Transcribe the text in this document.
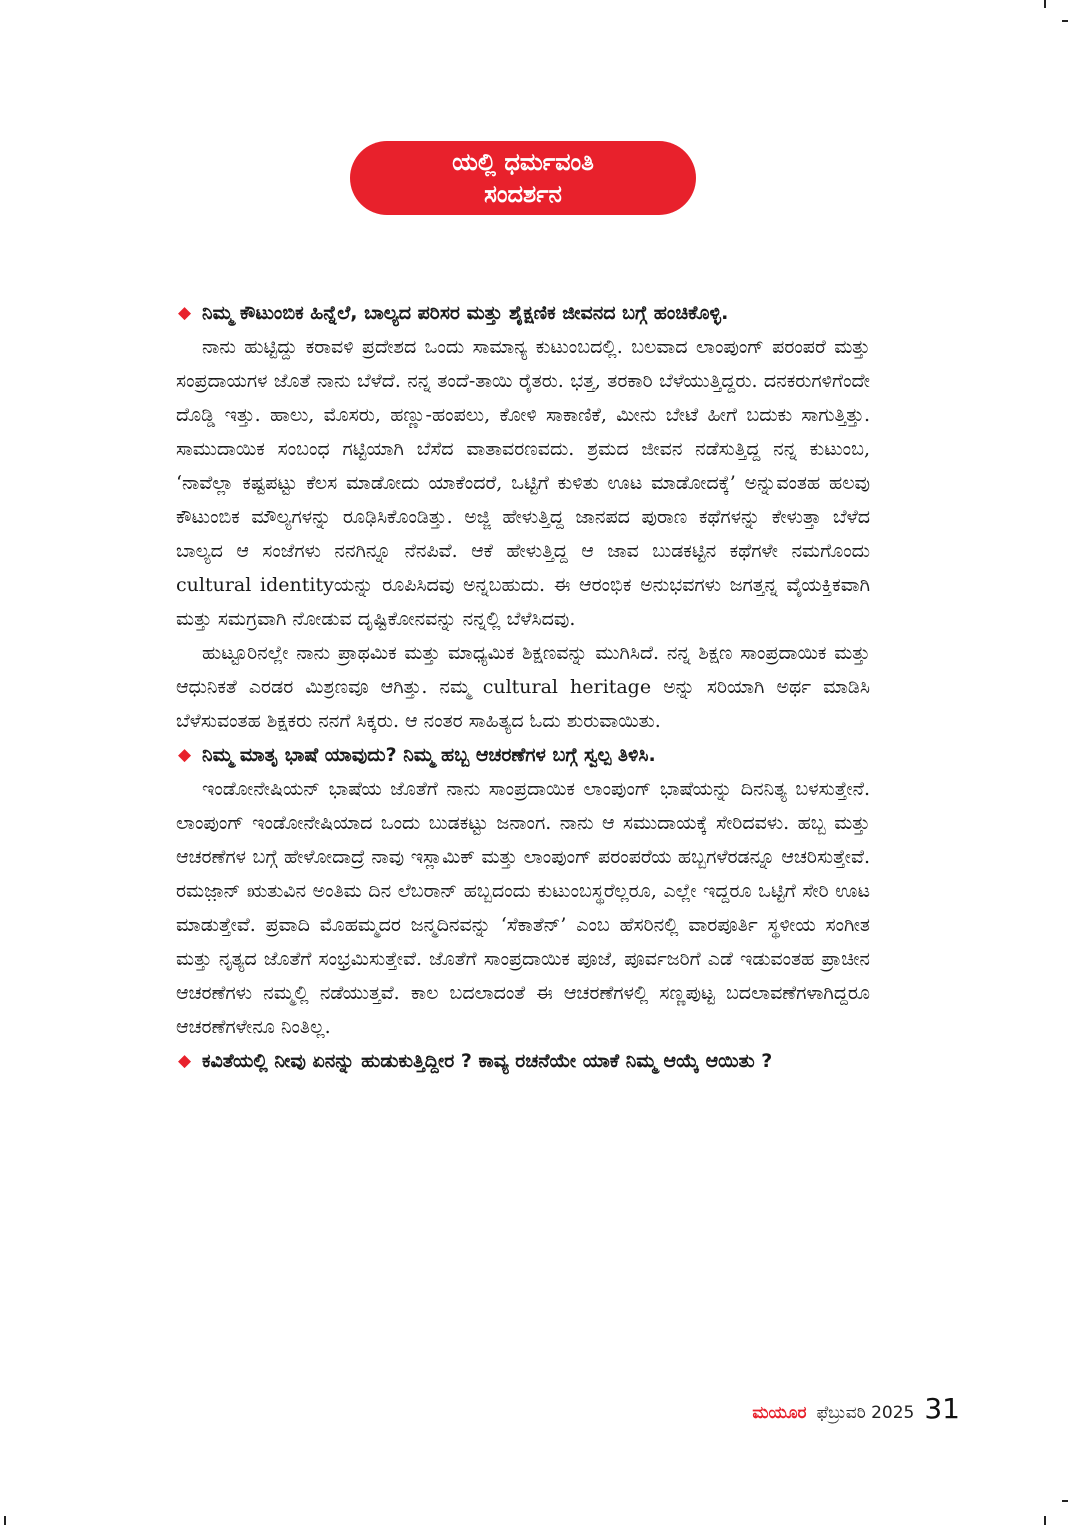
ಯಲ್ಲಿ ಧರ್ಮವಂತಿ
ಸಂದರ್ಶನ
◆ ನಿಮ್ಮ ಕೌಟುಂಬಿಕ ಹಿನ್ನೆಲೆ, ಬಾಲ್ಯದ ಪರಿಸರ ಮತ್ತು ಶೈಕ್ಷಣಿಕ ಜೀವನದ ಬಗ್ಗೆ ಹಂಚಿಕೊಳ್ಳಿ.

ನಾನು ಹುಟ್ಟಿದ್ದು ಕರಾವಳಿ ಪ್ರದೇಶದ ಒಂದು ಸಾಮಾನ್ಯ ಕುಟುಂಬದಲ್ಲಿ. ಬಲವಾದ ಲಾಂಪುಂಗ್ ಪರಂಪರೆ ಮತ್ತು ಸಂಪ್ರದಾಯಗಳ ಜೊತೆ ನಾನು ಬೆಳೆದೆ. ನನ್ನ ತಂದೆ-ತಾಯಿ ರೈತರು. ಭತ್ತ, ತರಕಾರಿ ಬೆಳೆಯುತ್ತಿದ್ದರು. ದನಕರುಗಳಿಗೆಂದೇ ದೊಡ್ಡಿ ಇತ್ತು. ಹಾಲು, ಮೊಸರು, ಹಣ್ಣು-ಹಂಪಲು, ಕೋಳಿ ಸಾಕಾಣಿಕೆ, ಮೀನು ಬೇಟೆ ಹೀಗೆ ಬದುಕು ಸಾಗುತ್ತಿತ್ತು. ಸಾಮುದಾಯಿಕ ಸಂಬಂಧ ಗಟ್ಟಿಯಾಗಿ ಬೆಸೆದ ವಾತಾವರಣವದು. ಶ್ರಮದ ಜೀವನ ನಡೆಸುತ್ತಿದ್ದ ನನ್ನ ಕುಟುಂಬ, ‘ನಾವೆಲ್ಲಾ ಕಷ್ಟಪಟ್ಟು ಕೆಲಸ ಮಾಡೋದು ಯಾಕೆಂದರೆ, ಒಟ್ಟಿಗೆ ಕುಳಿತು ಊಟ ಮಾಡೋದಕ್ಕೆ’ ಅನ್ನುವಂತಹ ಹಲವು ಕೌಟುಂಬಿಕ ಮೌಲ್ಯಗಳನ್ನು ರೂಢಿಸಿಕೊಂಡಿತ್ತು. ಅಜ್ಜಿ ಹೇಳುತ್ತಿದ್ದ ಜಾನಪದ ಪುರಾಣ ಕಥೆಗಳನ್ನು ಕೇಳುತ್ತಾ ಬೆಳೆದ ಬಾಲ್ಯದ ಆ ಸಂಜೆಗಳು ನನಗಿನ್ನೂ ನೆನಪಿವೆ. ಆಕೆ ಹೇಳುತ್ತಿದ್ದ ಆ ಜಾವ ಬುಡಕಟ್ಟಿನ ಕಥೆಗಳೇ ನಮಗೊಂದು cultural identityಯನ್ನು ರೂಪಿಸಿದವು ಅನ್ನಬಹುದು. ಈ ಆರಂಭಿಕ ಅನುಭವಗಳು ಜಗತ್ತನ್ನ ವೈಯಕ್ತಿಕವಾಗಿ ಮತ್ತು ಸಮಗ್ರವಾಗಿ ನೋಡುವ ದೃಷ್ಟಿಕೋನವನ್ನು ನನ್ನಲ್ಲಿ ಬೆಳೆಸಿದವು.

ಹುಟ್ಟೂರಿನಲ್ಲೇ ನಾನು ಪ್ರಾಥಮಿಕ ಮತ್ತು ಮಾಧ್ಯಮಿಕ ಶಿಕ್ಷಣವನ್ನು ಮುಗಿಸಿದೆ. ನನ್ನ ಶಿಕ್ಷಣ ಸಾಂಪ್ರದಾಯಿಕ ಮತ್ತು ಆಧುನಿಕತೆ ಎರಡರ ಮಿಶ್ರಣವೂ ಆಗಿತ್ತು. ನಮ್ಮ cultural heritage ಅನ್ನು ಸರಿಯಾಗಿ ಅರ್ಥ ಮಾಡಿಸಿ ಬೆಳೆಸುವಂತಹ ಶಿಕ್ಷಕರು ನನಗೆ ಸಿಕ್ಕರು. ಆ ನಂತರ ಸಾಹಿತ್ಯದ ಓದು ಶುರುವಾಯಿತು.

◆ ನಿಮ್ಮ ಮಾತೃ ಭಾಷೆ ಯಾವುದು? ನಿಮ್ಮ ಹಬ್ಬ ಆಚರಣೆಗಳ ಬಗ್ಗೆ ಸ್ವಲ್ಪ ತಿಳಿಸಿ.

ಇಂಡೋನೇಷಿಯನ್ ಭಾಷೆಯ ಜೊತೆಗೆ ನಾನು ಸಾಂಪ್ರದಾಯಿಕ ಲಾಂಪುಂಗ್ ಭಾಷೆಯನ್ನು ದಿನನಿತ್ಯ ಬಳಸುತ್ತೇನೆ. ಲಾಂಪುಂಗ್ ಇಂಡೋನೇಷಿಯಾದ ಒಂದು ಬುಡಕಟ್ಟು ಜನಾಂಗ. ನಾನು ಆ ಸಮುದಾಯಕ್ಕೆ ಸೇರಿದವಳು. ಹಬ್ಬ ಮತ್ತು ಆಚರಣೆಗಳ ಬಗ್ಗೆ ಹೇಳೋದಾದ್ರೆ ನಾವು ಇಸ್ಲಾಮಿಕ್ ಮತ್ತು ಲಾಂಪುಂಗ್ ಪರಂಪರೆಯ ಹಬ್ಬಗಳೆರಡನ್ನೂ ಆಚರಿಸುತ್ತೇವೆ. ರಮಜ಼ಾನ್ ಋತುವಿನ ಅಂತಿಮ ದಿನ ಲೆಬರಾನ್ ಹಬ್ಬದಂದು ಕುಟುಂಬಸ್ಥರೆಲ್ಲರೂ, ಎಲ್ಲೇ ಇದ್ದರೂ ಒಟ್ಟಿಗೆ ಸೇರಿ ಊಟ ಮಾಡುತ್ತೇವೆ. ಪ್ರವಾದಿ ಮೊಹಮ್ಮದರ ಜನ್ಮದಿನವನ್ನು ‘ಸೆಕಾತೆನ್’ ಎಂಬ ಹೆಸರಿನಲ್ಲಿ ವಾರಪೂರ್ತಿ ಸ್ಥಳೀಯ ಸಂಗೀತ ಮತ್ತು ನೃತ್ಯದ ಜೊತೆಗೆ ಸಂಭ್ರಮಿಸುತ್ತೇವೆ. ಜೊತೆಗೆ ಸಾಂಪ್ರದಾಯಿಕ ಪೂಜೆ, ಪೂರ್ವಜರಿಗೆ ಎಡೆ ಇಡುವಂತಹ ಪ್ರಾಚೀನ ಆಚರಣೆಗಳು ನಮ್ಮಲ್ಲಿ ನಡೆಯುತ್ತವೆ. ಕಾಲ ಬದಲಾದಂತೆ ಈ ಆಚರಣೆಗಳಲ್ಲಿ ಸಣ್ಣಪುಟ್ಟ ಬದಲಾವಣೆಗಳಾಗಿದ್ದರೂ ಆಚರಣೆಗಳೇನೂ ನಿಂತಿಲ್ಲ.

◆ ಕವಿತೆಯಲ್ಲಿ ನೀವು ಏನನ್ನು ಹುಡುಕುತ್ತಿದ್ದೀರ ? ಕಾವ್ಯ ರಚನೆಯೇ ಯಾಕೆ ನಿಮ್ಮ ಆಯ್ಕೆ ಆಯಿತು ?
ಮಯೂರ ಫೆಬ್ರುವರಿ 2025 31
